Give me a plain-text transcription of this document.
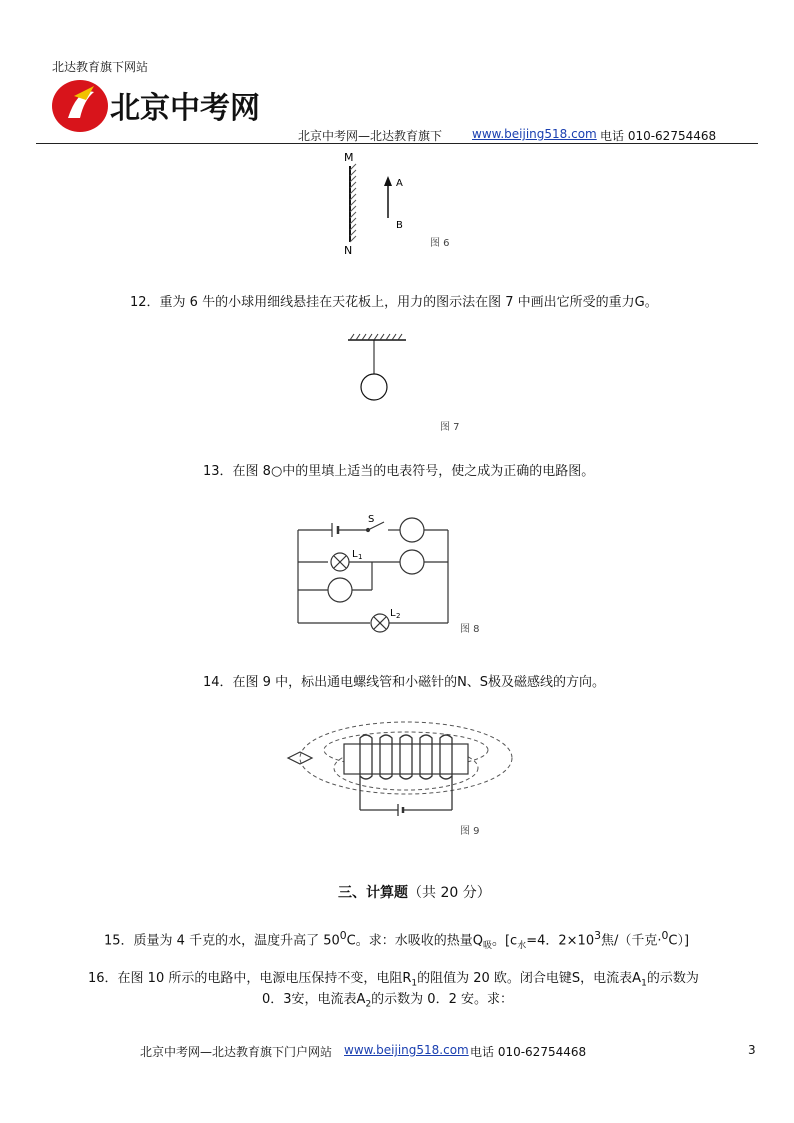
北达教育旗下网站
北京中考网
北京中考网—北达教育旗下 www.beijing518.com 电话 010-62754468
M
N
A
B
图 6
12．重为 6 牛的小球用细线悬挂在天花板上，用力的图示法在图 7 中画出它所受的重力G。
图 7
13．在图 8○中的里填上适当的电表符号，使之成为正确的电路图。
S
L 1
L 2
图 8
14．在图 9 中，标出通电螺线管和小磁针的N、S极及磁感线的方向。
图 9
三、计算题（共 20 分）
15．质量为 4 千克的水，温度升高了 $50^0C$。求：水吸收的热量$Q_吸$。[$c_水=4$．$2\times 10^3$焦/（千克·$^0$C）]
16．在图 10 所示的电路中，电源电压保持不变，电阻$R_1$的阻值为 20 欧。闭合电键S，电流表$A_1$的示数为
0．3安，电流表$A_2$的示数为 0．2 安。求：
北京中考网—北达教育旗下门户网站 www.beijing518.com 电话 010-62754468	3
